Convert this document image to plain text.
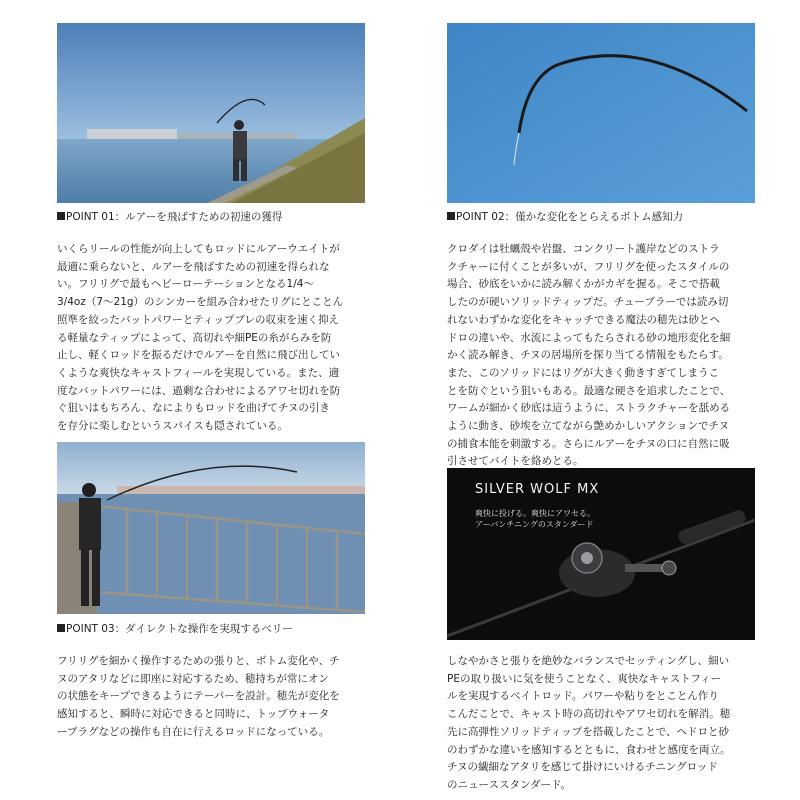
SILVER WOLF MX
爽快に投げる。爽快にアワセる。
アーバンチニングのスタンダード
POINT 01：ルアーを飛ばすための初速の獲得	POINT 02：僅かな変化をとらえるボトム感知力
POINT 03：ダイレクトな操作を実現するベリー
いくらリールの性能が向上してもロッドにルアーウエイトが
最適に乗らないと、ルアーを飛ばすための初速を得られな
い。フリリグで最もヘビーローテーションとなる1/4〜
3/4oz（7〜21g）のシンカーを組み合わせたリグにとことん
照準を絞ったバットパワーとティップブレの収束を速く抑え
る軽量なティップによって、高切れや細PEの糸がらみを防
止し、軽くロッドを振るだけでルアーを自然に飛び出してい
くような爽快なキャストフィールを実現している。また、適
度なバットパワーには、過剰な合わせによるアワセ切れを防
ぐ狙いはもちろん、なによりもロッドを曲げてチヌの引き
を存分に楽しむというスパイスも隠されている。
クロダイは牡蠣殻や岩盤、コンクリート護岸などのストラ
クチャーに付くことが多いが、フリリグを使ったスタイルの
場合、砂底をいかに読み解くかがカギを握る。そこで搭載
したのが硬いソリッドティップだ。チューブラーでは読み切
れないわずかな変化をキャッチできる魔法の穂先は砂とヘ
ドロの違いや、水流によってもたらされる砂の地形変化を細
かく読み解き、チヌの居場所を探り当てる情報をもたらす。
また、このソリッドにはリグが大きく動きすぎてしまうこ
とを防ぐという狙いもある。最適な硬さを追求したことで、
ワームが細かく砂底は這うように、ストラクチャーを舐める
ように動き、砂埃を立てながら艶めかしいアクションでチヌ
の捕食本能を刺激する。さらにルアーをチヌの口に自然に吸
引させてバイトを絡めとる。
フリリグを細かく操作するための張りと、ボトム変化や、チ
ヌのアタリなどに即座に対応するため、穂持ちが常にオン
の状態をキープできるようにテーパーを設計。穂先が変化を
感知すると、瞬時に対応できると同時に、トップウォータ
ープラグなどの操作も自在に行えるロッドになっている。
しなやかさと張りを絶妙なバランスでセッティングし、細い
PEの取り扱いに気を使うことなく、爽快なキャストフィー
ルを実現するベイトロッド。パワーや粘りをとことん作り
こんだことで、キャスト時の高切れやアワセ切れを解消。穂
先に高弾性ソリッドティップを搭載したことで、ヘドロと砂
のわずかな違いを感知するとともに、食わせと感度を両立。
チヌの繊細なアタリを感じて掛けにいけるチニングロッド
のニューススタンダード。
